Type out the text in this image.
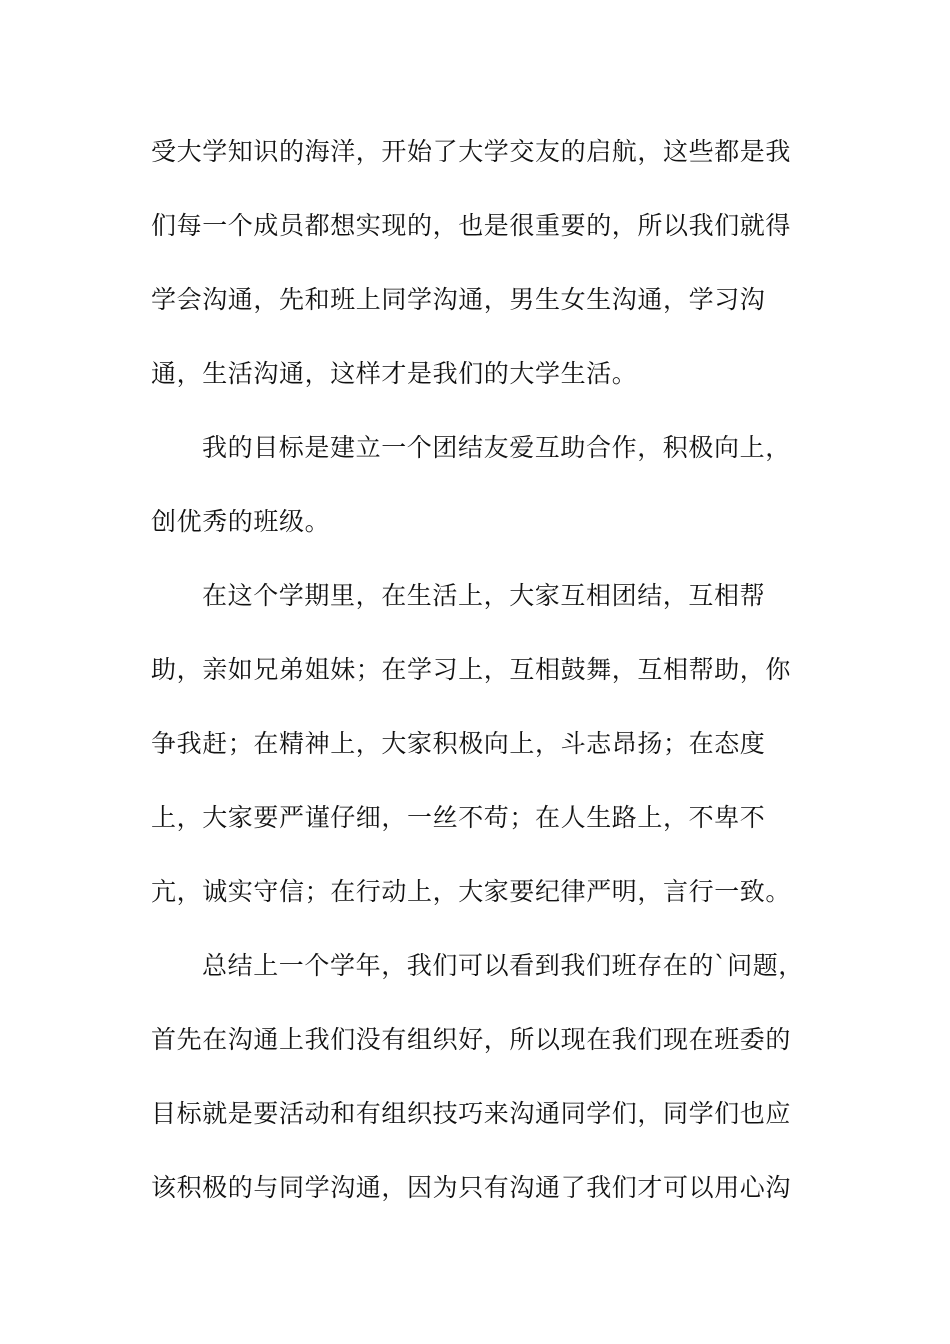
受大学知识的海洋，开始了大学交友的启航，这些都是我
们每一个成员都想实现的，也是很重要的，所以我们就得
学会沟通，先和班上同学沟通，男生女生沟通，学习沟
通，生活沟通，这样才是我们的大学生活。
我的目标是建立一个团结友爱互助合作，积极向上，
创优秀的班级。
在这个学期里，在生活上，大家互相团结，互相帮
助，亲如兄弟姐妹；在学习上，互相鼓舞，互相帮助，你
争我赶；在精神上，大家积极向上，斗志昂扬；在态度
上，大家要严谨仔细，一丝不苟；在人生路上，不卑不
亢，诚实守信；在行动上，大家要纪律严明，言行一致。
总结上一个学年，我们可以看到我们班存在的`问题，
首先在沟通上我们没有组织好，所以现在我们现在班委的
目标就是要活动和有组织技巧来沟通同学们，同学们也应
该积极的与同学沟通，因为只有沟通了我们才可以用心沟
